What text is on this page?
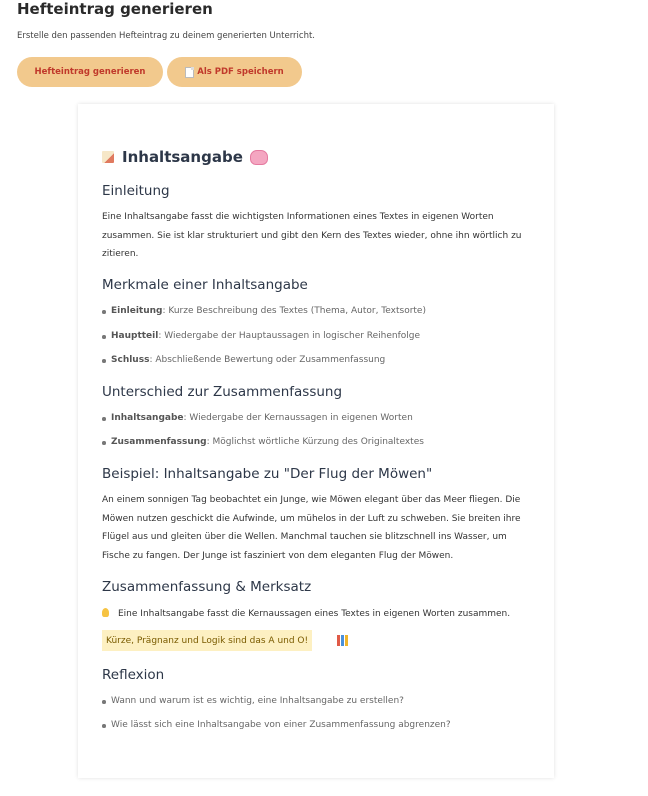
Hefteintrag generieren
Erstelle den passenden Hefteintrag zu deinem generierten Unterricht.
Hefteintrag generieren	Als PDF speichern
Inhaltsangabe
Einleitung
Eine Inhaltsangabe fasst die wichtigsten Informationen eines Textes in eigenen Worten zusammen. Sie ist klar strukturiert und gibt den Kern des Textes wieder, ohne ihn wörtlich zu zitieren.
Merkmale einer Inhaltsangabe
Einleitung: Kurze Beschreibung des Textes (Thema, Autor, Textsorte)
Hauptteil: Wiedergabe der Hauptaussagen in logischer Reihenfolge
Schluss: Abschließende Bewertung oder Zusammenfassung
Unterschied zur Zusammenfassung
Inhaltsangabe: Wiedergabe der Kernaussagen in eigenen Worten
Zusammenfassung: Möglichst wörtliche Kürzung des Originaltextes
Beispiel: Inhaltsangabe zu "Der Flug der Möwen"
An einem sonnigen Tag beobachtet ein Junge, wie Möwen elegant über das Meer fliegen. Die Möwen nutzen geschickt die Aufwinde, um mühelos in der Luft zu schweben. Sie breiten ihre Flügel aus und gleiten über die Wellen. Manchmal tauchen sie blitzschnell ins Wasser, um Fische zu fangen. Der Junge ist fasziniert von dem eleganten Flug der Möwen.
Zusammenfassung & Merksatz
Eine Inhaltsangabe fasst die Kernaussagen eines Textes in eigenen Worten zusammen.
Kürze, Prägnanz und Logik sind das A und O!
Reflexion
Wann und warum ist es wichtig, eine Inhaltsangabe zu erstellen?
Wie lässt sich eine Inhaltsangabe von einer Zusammenfassung abgrenzen?
